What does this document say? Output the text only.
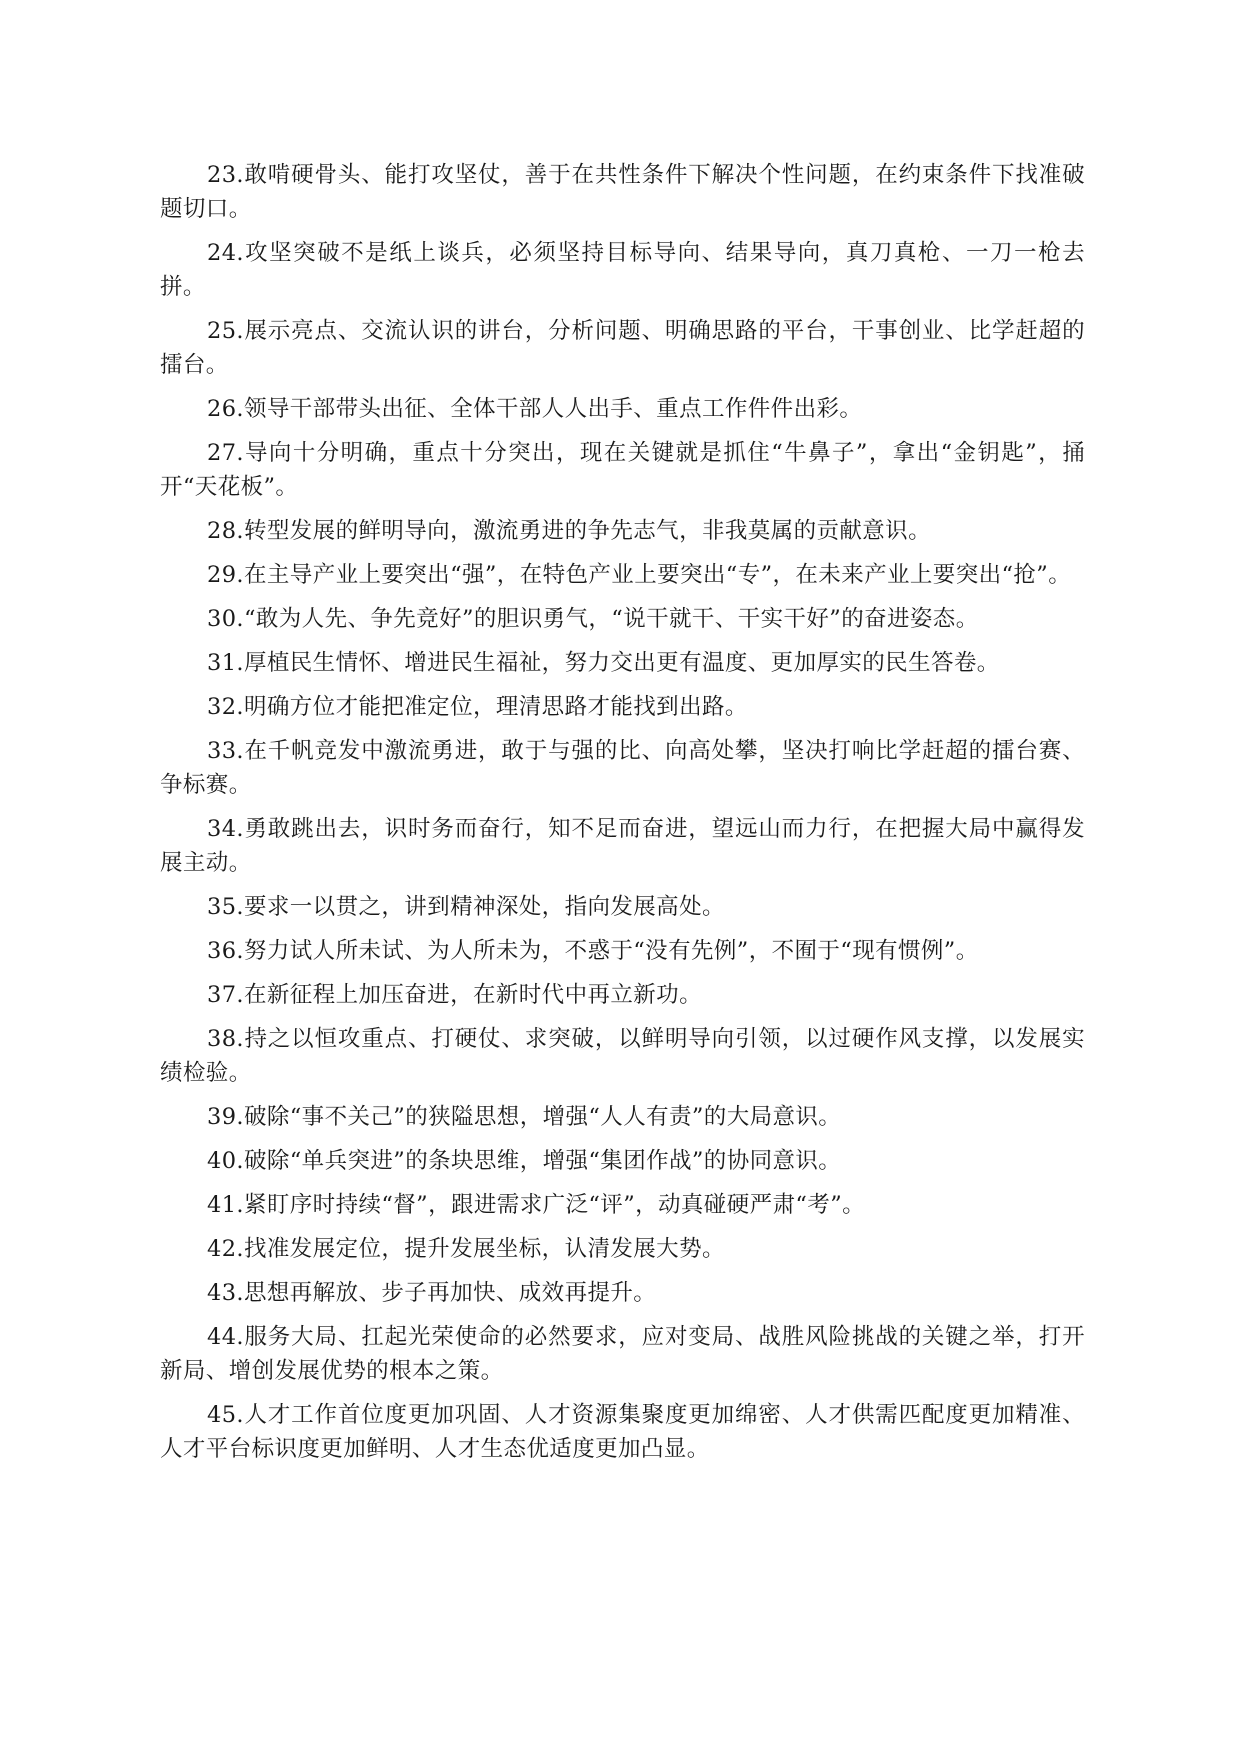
23.敢啃硬骨头、能打攻坚仗，善于在共性条件下解决个性问题，在约束条件下找准破题切口。

24.攻坚突破不是纸上谈兵，必须坚持目标导向、结果导向，真刀真枪、一刀一枪去拼。

25.展示亮点、交流认识的讲台，分析问题、明确思路的平台，干事创业、比学赶超的擂台。

26.领导干部带头出征、全体干部人人出手、重点工作件件出彩。

27.导向十分明确，重点十分突出，现在关键就是抓住“牛鼻子”，拿出“金钥匙”，捅开“天花板”。

28.转型发展的鲜明导向，激流勇进的争先志气，非我莫属的贡献意识。

29.在主导产业上要突出“强”，在特色产业上要突出“专”，在未来产业上要突出“抢”。

30.“敢为人先、争先竞好”的胆识勇气，“说干就干、干实干好”的奋进姿态。

31.厚植民生情怀、增进民生福祉，努力交出更有温度、更加厚实的民生答卷。

32.明确方位才能把准定位，理清思路才能找到出路。

33.在千帆竞发中激流勇进，敢于与强的比、向高处攀，坚决打响比学赶超的擂台赛、争标赛。

34.勇敢跳出去，识时务而奋行，知不足而奋进，望远山而力行，在把握大局中赢得发展主动。

35.要求一以贯之，讲到精神深处，指向发展高处。

36.努力试人所未试、为人所未为，不惑于“没有先例”，不囿于“现有惯例”。

37.在新征程上加压奋进，在新时代中再立新功。

38.持之以恒攻重点、打硬仗、求突破，以鲜明导向引领，以过硬作风支撑，以发展实绩检验。

39.破除“事不关己”的狭隘思想，增强“人人有责”的大局意识。

40.破除“单兵突进”的条块思维，增强“集团作战”的协同意识。

41.紧盯序时持续“督”，跟进需求广泛“评”，动真碰硬严肃“考”。

42.找准发展定位，提升发展坐标，认清发展大势。

43.思想再解放、步子再加快、成效再提升。

44.服务大局、扛起光荣使命的必然要求，应对变局、战胜风险挑战的关键之举，打开新局、增创发展优势的根本之策。

45.人才工作首位度更加巩固、人才资源集聚度更加绵密、人才供需匹配度更加精准、人才平台标识度更加鲜明、人才生态优适度更加凸显。
